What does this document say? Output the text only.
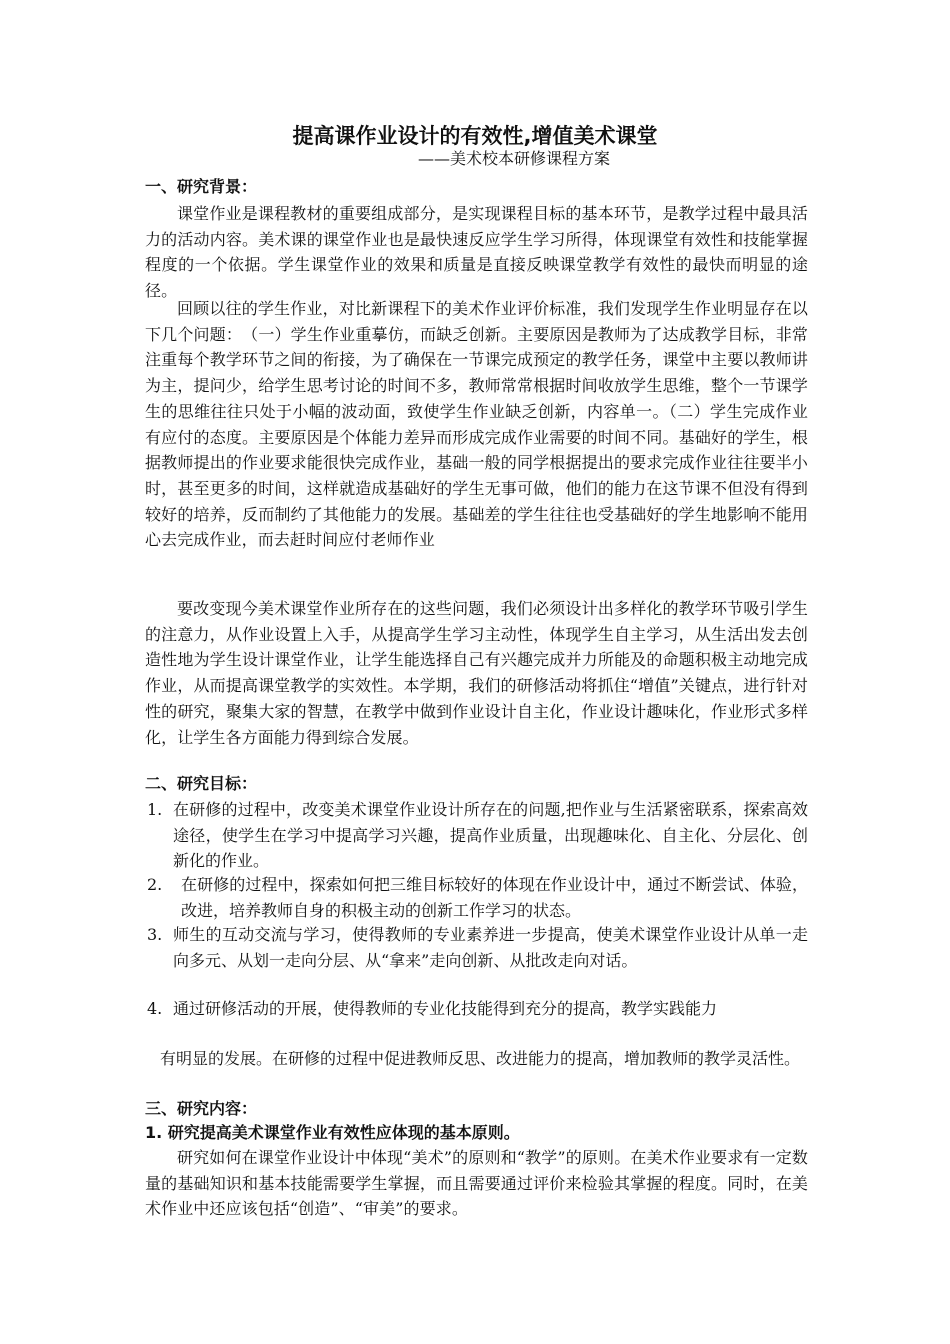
提高课作业设计的有效性,增值美术课堂
——美术校本研修课程方案
一、研究背景：
课堂作业是课程教材的重要组成部分，是实现课程目标的基本环节，是教学过程中最具活力的活动内容。美术课的课堂作业也是最快速反应学生学习所得，体现课堂有效性和技能掌握程度的一个依据。学生课堂作业的效果和质量是直接反映课堂教学有效性的最快而明显的途径。
回顾以往的学生作业，对比新课程下的美术作业评价标准，我们发现学生作业明显存在以下几个问题：　（一）学生作业重摹仿，而缺乏创新。主要原因是教师为了达成教学目标，非常注重每个教学环节之间的衔接，为了确保在一节课完成预定的教学任务，课堂中主要以教师讲为主，提问少，给学生思考讨论的时间不多，教师常常根据时间收放学生思维，整个一节课学生的思维往往只处于小幅的波动面，致使学生作业缺乏创新，内容单一。（二）学生完成作业有应付的态度。主要原因是个体能力差异而形成完成作业需要的时间不同。基础好的学生，根据教师提出的作业要求能很快完成作业，基础一般的同学根据提出的要求完成作业往往要半小时，甚至更多的时间，这样就造成基础好的学生无事可做，他们的能力在这节课不但没有得到较好的培养，反而制约了其他能力的发展。基础差的学生往往也受基础好的学生地影响不能用心去完成作业，而去赶时间应付老师作业
要改变现今美术课堂作业所存在的这些问题，我们必须设计出多样化的教学环节吸引学生的注意力，从作业设置上入手，从提高学生学习主动性，体现学生自主学习，从生活出发去创造性地为学生设计课堂作业，让学生能选择自己有兴趣完成并力所能及的命题积极主动地完成作业，从而提高课堂教学的实效性。本学期，我们的研修活动将抓住“增值”关键点，进行针对性的研究，聚集大家的智慧，在教学中做到作业设计自主化，作业设计趣味化，作业形式多样化，让学生各方面能力得到综合发展。
二、研究目标：
1. 在研修的过程中，改变美术课堂作业设计所存在的问题,把作业与生活紧密联系，探索高效途径，使学生在学习中提高学习兴趣，提高作业质量，出现趣味化、自主化、分层化、创新化的作业。
2.	在研修的过程中，探索如何把三维目标较好的体现在作业设计中，通过不断尝试、体验，改进，培养教师自身的积极主动的创新工作学习的状态。
3. 师生的互动交流与学习，使得教师的专业素养进一步提高，使美术课堂作业设计从单一走向多元、从划一走向分层、从“拿来”走向创新、从批改走向对话。
4. 通过研修活动的开展，使得教师的专业化技能得到充分的提高，教学实践能力
有明显的发展。在研修的过程中促进教师反思、改进能力的提高，增加教师的教学灵活性。
三、研究内容：
1. 研究提高美术课堂作业有效性应体现的基本原则。
研究如何在课堂作业设计中体现“美术”的原则和“教学”的原则。在美术作业要求有一定数量的基础知识和基本技能需要学生掌握，而且需要通过评价来检验其掌握的程度。同时，在美术作业中还应该包括“创造”、“审美”的要求。
